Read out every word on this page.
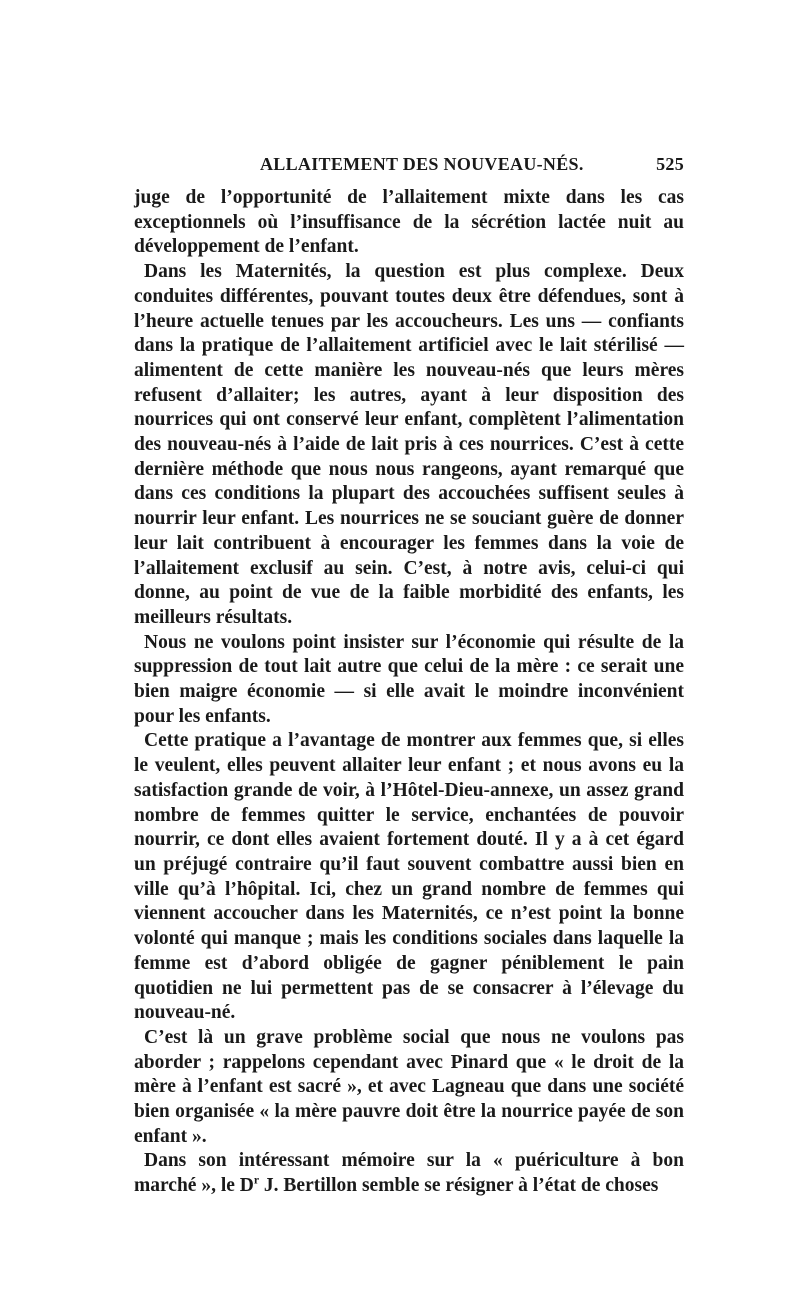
ALLAITEMENT DES NOUVEAU-NÉS.	525

juge de l’opportunité de l’allaitement mixte dans les cas exceptionnels où l’insuffisance de la sécrétion lactée nuit au développement de l’enfant.

Dans les Maternités, la question est plus complexe. Deux conduites différentes, pouvant toutes deux être défendues, sont à l’heure actuelle tenues par les accoucheurs. Les uns — confiants dans la pratique de l’allaitement artificiel avec le lait stérilisé — alimentent de cette manière les nouveau-nés que leurs mères refusent d’allaiter; les autres, ayant à leur disposition des nourrices qui ont conservé leur enfant, complètent l’alimentation des nouveau-nés à l’aide de lait pris à ces nourrices. C’est à cette dernière méthode que nous nous rangeons, ayant remarqué que dans ces conditions la plupart des accouchées suffisent seules à nourrir leur enfant. Les nourrices ne se souciant guère de donner leur lait contribuent à encourager les femmes dans la voie de l’allaitement exclusif au sein. C’est, à notre avis, celui-ci qui donne, au point de vue de la faible morbidité des enfants, les meilleurs résultats.

Nous ne voulons point insister sur l’économie qui résulte de la suppression de tout lait autre que celui de la mère : ce serait une bien maigre économie — si elle avait le moindre inconvénient pour les enfants.

Cette pratique a l’avantage de montrer aux femmes que, si elles le veulent, elles peuvent allaiter leur enfant ; et nous avons eu la satisfaction grande de voir, à l’Hôtel-Dieu-annexe, un assez grand nombre de femmes quitter le service, enchantées de pouvoir nourrir, ce dont elles avaient fortement douté. Il y a à cet égard un préjugé contraire qu’il faut souvent combattre aussi bien en ville qu’à l’hôpital. Ici, chez un grand nombre de femmes qui viennent accoucher dans les Maternités, ce n’est point la bonne volonté qui manque ; mais les conditions sociales dans laquelle la femme est d’abord obligée de gagner péniblement le pain quotidien ne lui permettent pas de se consacrer à l’élevage du nouveau-né.

C’est là un grave problème social que nous ne voulons pas aborder ; rappelons cependant avec Pinard que « le droit de la mère à l’enfant est sacré », et avec Lagneau que dans une société bien organisée « la mère pauvre doit être la nourrice payée de son enfant ».

Dans son intéressant mémoire sur la « puériculture à bon marché », le $D^r$ J. Bertillon semble se résigner à l’état de choses
